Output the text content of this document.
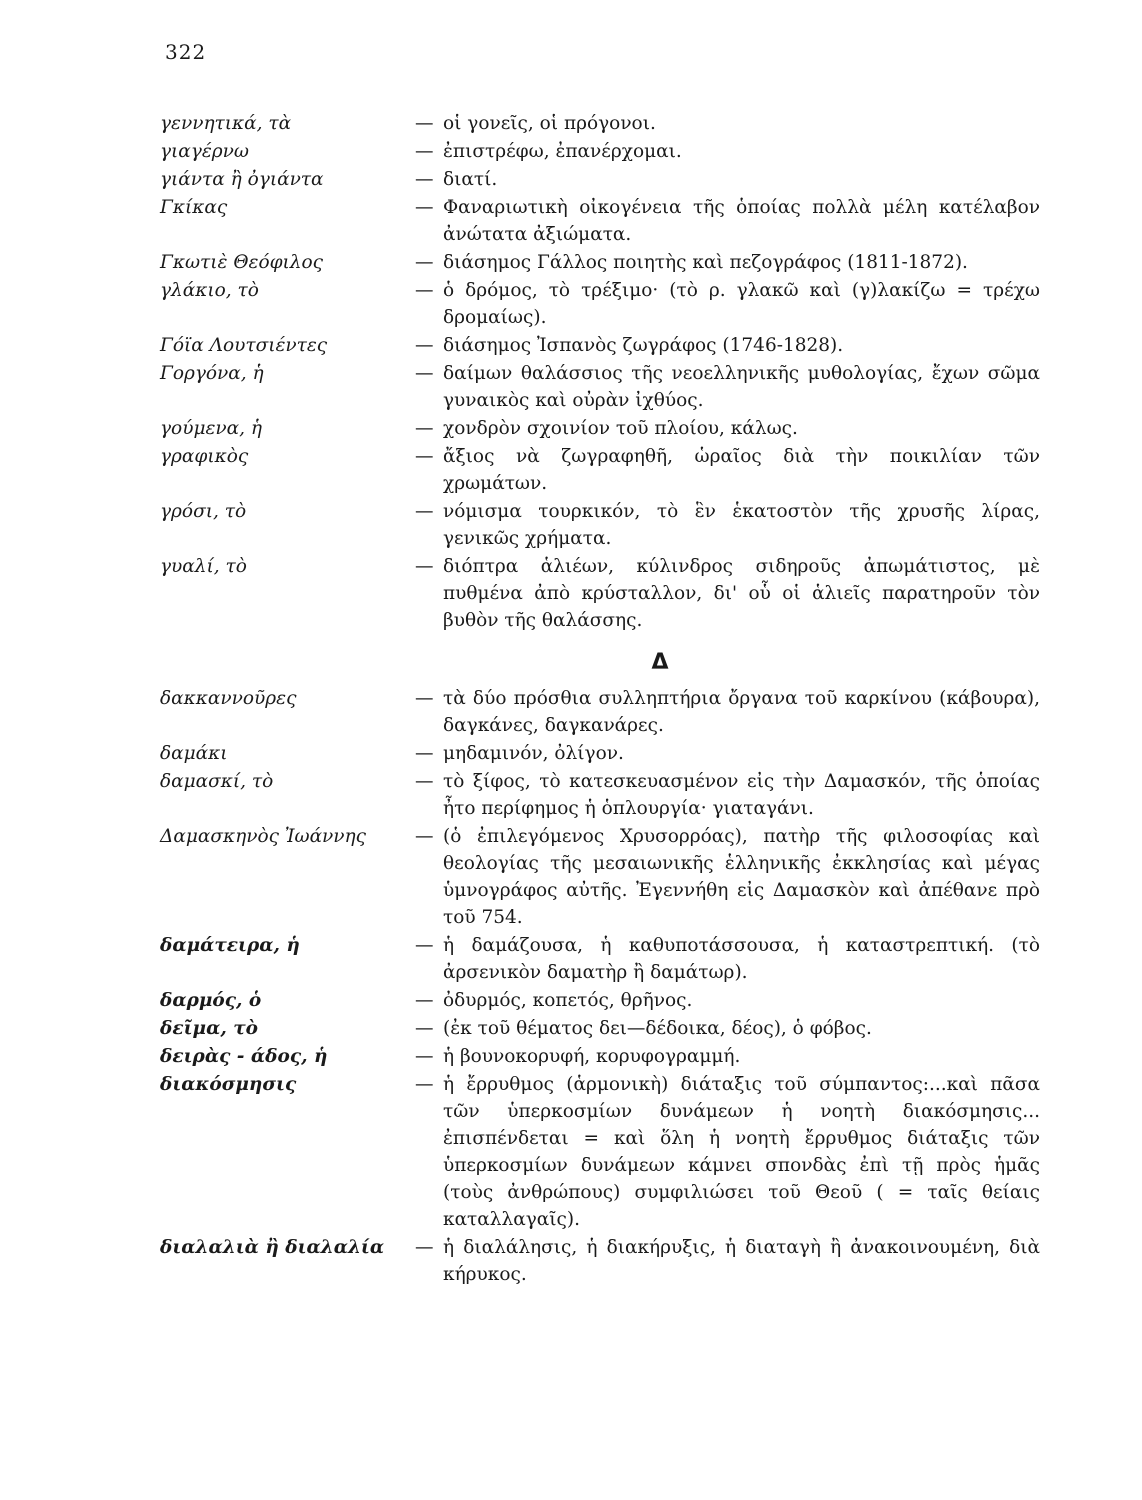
322
γεννητικά, τὰ	— οἱ γονεῖς, οἱ πρόγονοι.
γιαγέρνω	— ἐπιστρέφω, ἐπανέρχομαι.
γιάντα ἢ ὀγιάντα	— διατί.
Γκίκας	— Φαναριωτικὴ οἰκογένεια τῆς ὁποίας πολλὰ μέλη κατέλαβον ἀνώτατα ἀξιώματα.
Γκωτιὲ Θεόφιλος	— διάσημος Γάλλος ποιητὴς καὶ πεζογράφος (1811-1872).
γλάκιο, τὸ	— ὁ δρόμος, τὸ τρέξιμο· (τὸ ρ. γλακῶ καὶ (γ)λακίζω = τρέχω δρομαίως).
Γόϊα Λουτσιέντες	— διάσημος Ἰσπανὸς ζωγράφος (1746-1828).
Γοργόνα, ἡ	— δαίμων θαλάσσιος τῆς νεοελληνικῆς μυθολογίας, ἔχων σῶμα γυναικὸς καὶ οὐρὰν ἰχθύος.
γούμενα, ἡ	— χονδρὸν σχοινίον τοῦ πλοίου, κάλως.
γραφικὸς	— ἄξιος νὰ ζωγραφηθῆ, ὡραῖος διὰ τὴν ποικιλίαν τῶν χρωμάτων.
γρόσι, τὸ	— νόμισμα τουρκικόν, τὸ ἓν ἑκατοστὸν τῆς χρυσῆς λίρας, γενικῶς χρήματα.
γυαλί, τὸ	— διόπτρα ἁλιέων, κύλινδρος σιδηροῦς ἀπωμάτιστος, μὲ πυθμένα ἀπὸ κρύσταλλον, δι' οὗ οἱ ἁλιεῖς παρατηροῦν τὸν βυθὸν τῆς θαλάσσης.
Δ
δακκαννοῦρες	— τὰ δύο πρόσθια συλληπτήρια ὄργανα τοῦ καρκίνου (κάβουρα), δαγκάνες, δαγκανάρες.
δαμάκι	— μηδαμινόν, ὀλίγον.
δαμασκί, τὸ	— τὸ ξίφος, τὸ κατεσκευασμένον εἰς τὴν Δαμασκόν, τῆς ὁποίας ἦτο περίφημος ἡ ὁπλουργία· γιαταγάνι.
Δαμασκηνὸς Ἰωάννης	— (ὁ ἐπιλεγόμενος Χρυσορρόας), πατὴρ τῆς φιλοσοφίας καὶ θεολογίας τῆς μεσαιωνικῆς ἑλληνικῆς ἐκκλησίας καὶ μέγας ὑμνογράφος αὐτῆς. Ἐγεννήθη εἰς Δαμασκὸν καὶ ἀπέθανε πρὸ τοῦ 754.
δαμάτειρα, ἡ	— ἡ δαμάζουσα, ἡ καθυποτάσσουσα, ἡ καταστρεπτική. (τὸ ἀρσενικὸν δαματὴρ ἢ δαμάτωρ).
δαρμός, ὁ	— ὀδυρμός, κοπετός, θρῆνος.
δεῖμα, τὸ	— (ἐκ τοῦ θέματος δει—δέδοικα, δέος), ὁ φόβος.
δειρὰς - άδος, ἡ	— ἡ βουνοκορυφή, κορυφογραμμή.
διακόσμησις	— ἡ ἔρρυθμος (ἁρμονικὴ) διάταξις τοῦ σύμπαντος:...καὶ πᾶσα τῶν ὑπερκοσμίων δυνάμεων ἡ νοητὴ διακόσμησις... ἐπισπένδεται = καὶ ὅλη ἡ νοητὴ ἔρρυθμος διάταξις τῶν ὑπερκοσμίων δυνάμεων κάμνει σπονδὰς ἐπὶ τῇ πρὸς ἡμᾶς (τοὺς ἀνθρώπους) συμφιλιώσει τοῦ Θεοῦ ( = ταῖς θείαις καταλλαγαῖς).
διαλαλιὰ ἢ διαλαλία	— ἡ διαλάλησις, ἡ διακήρυξις, ἡ διαταγὴ ἢ ἀνακοινουμένη, διὰ κήρυκος.
